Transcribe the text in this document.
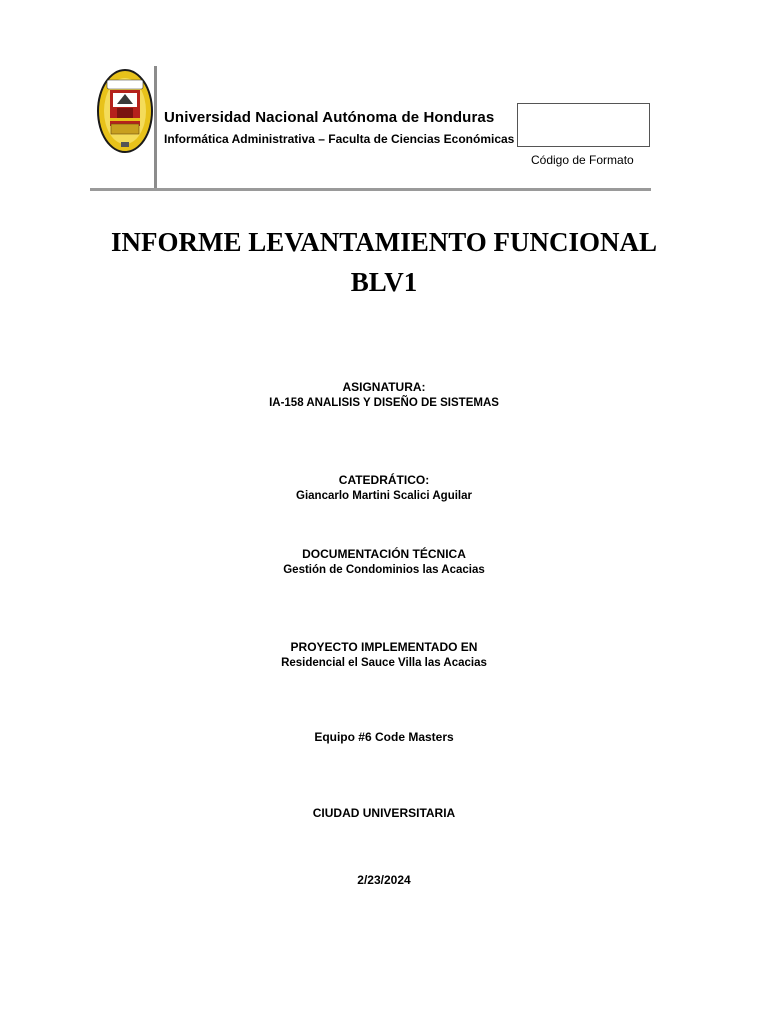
Universidad Nacional Autónoma de Honduras
Informática Administrativa – Faculta de Ciencias Económicas
Código de Formato
INFORME LEVANTAMIENTO FUNCIONAL
BLV1
ASIGNATURA:
IA-158 ANALISIS Y DISEÑO DE SISTEMAS
CATEDRÁTICO:
Giancarlo Martini Scalici Aguilar
DOCUMENTACIÓN TÉCNICA
Gestión de Condominios las Acacias
PROYECTO IMPLEMENTADO EN
Residencial el Sauce Villa las Acacias
Equipo #6 Code Masters
CIUDAD UNIVERSITARIA
2/23/2024
